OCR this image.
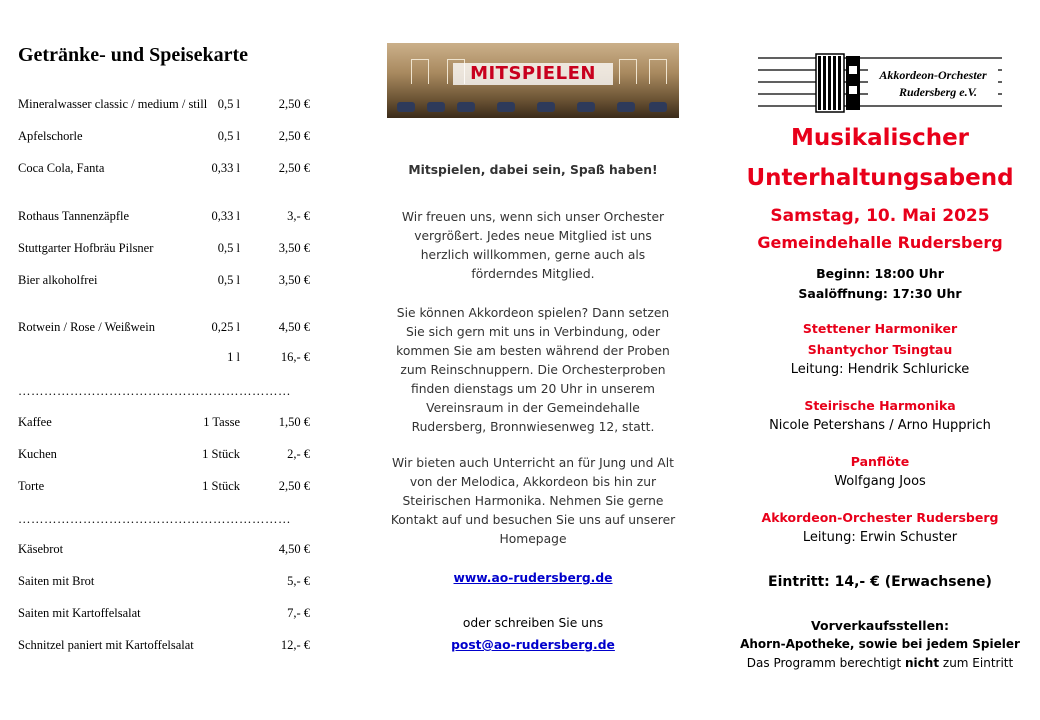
Getränke- und Speisekarte
Mineralwasser classic / medium / still 0,5 l	2,50 €
Apfelschorle	0,5 l	2,50 €
Coca Cola, Fanta	0,33 l	2,50 €
Rothaus Tannenzäpfle	0,33 l	3,- €
Stuttgarter Hofbräu Pilsner	0,5 l	3,50 €
Bier alkoholfrei	0,5 l	3,50 €
Rotwein / Rose / Weißwein	0,25 l	4,50 €
1 l	16,- €
………………………………………………………
Kaffee	1 Tasse	1,50 €
Kuchen	1 Stück	2,- €
Torte	1 Stück	2,50 €
………………………………………………………
Käsebrot	4,50 €
Saiten mit Brot	5,- €
Saiten mit Kartoffelsalat	7,- €
Schnitzel paniert mit Kartoffelsalat	12,- €
MITSPIELEN
Mitspielen, dabei sein, Spaß haben!
Wir freuen uns, wenn sich unser Orchester vergrößert. Jedes neue Mitglied ist uns herzlich willkommen, gerne auch als förderndes Mitglied.
Sie können Akkordeon spielen? Dann setzen Sie sich gern mit uns in Verbindung, oder kommen Sie am besten während der Proben zum Reinschnuppern. Die Orchesterproben finden dienstags um 20 Uhr in unserem Vereinsraum in der Gemeindehalle Rudersberg, Bronnwiesenweg 12, statt.
Wir bieten auch Unterricht an für Jung und Alt von der Melodica, Akkordeon bis hin zur Steirischen Harmonika. Nehmen Sie gerne Kontakt auf und besuchen Sie uns auf unserer Homepage
www.ao-rudersberg.de
oder schreiben Sie uns
post@ao-rudersberg.de
Akkordeon-Orchester
Rudersberg e.V.
Musikalischer
Unterhaltungsabend
Samstag, 10. Mai 2025
Gemeindehalle Rudersberg
Beginn: 18:00 Uhr
Saalöffnung: 17:30 Uhr
Stettener Harmoniker
Shantychor Tsingtau
Leitung: Hendrik Schluricke
Steirische Harmonika
Nicole Petershans / Arno Hupprich
Panflöte
Wolfgang Joos
Akkordeon-Orchester Rudersberg
Leitung: Erwin Schuster
Eintritt: 14,- € (Erwachsene)
Vorverkaufsstellen:
Ahorn-Apotheke, sowie bei jedem Spieler
Das Programm berechtigt nicht zum Eintritt
